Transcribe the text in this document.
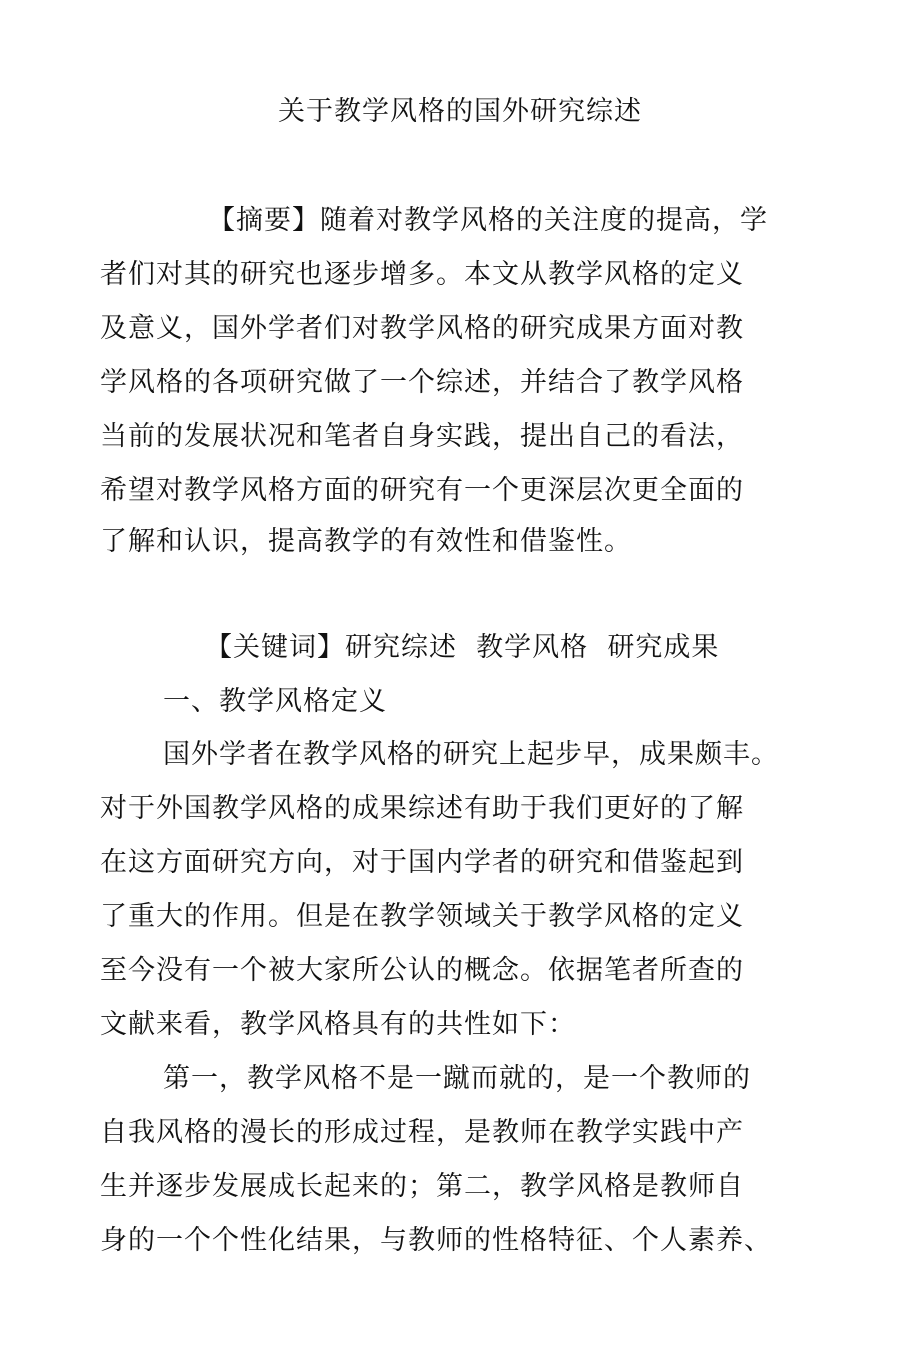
关于教学风格的国外研究综述
【摘要】随着对教学风格的关注度的提高，学
者们对其的研究也逐步增多。本文从教学风格的定义
及意义，国外学者们对教学风格的研究成果方面对教
学风格的各项研究做了一个综述，并结合了教学风格
当前的发展状况和笔者自身实践，提出自己的看法，
希望对教学风格方面的研究有一个更深层次更全面的
了解和认识，提高教学的有效性和借鉴性。
【关键词】研究综述  教学风格  研究成果
一、教学风格定义
国外学者在教学风格的研究上起步早，成果颇丰。
对于外国教学风格的成果综述有助于我们更好的了解
在这方面研究方向，对于国内学者的研究和借鉴起到
了重大的作用。但是在教学领域关于教学风格的定义
至今没有一个被大家所公认的概念。依据笔者所查的
文献来看，教学风格具有的共性如下：
第一，教学风格不是一蹴而就的，是一个教师的
自我风格的漫长的形成过程，是教师在教学实践中产
生并逐步发展成长起来的；第二，教学风格是教师自
身的一个个性化结果，与教师的性格特征、个人素养、
